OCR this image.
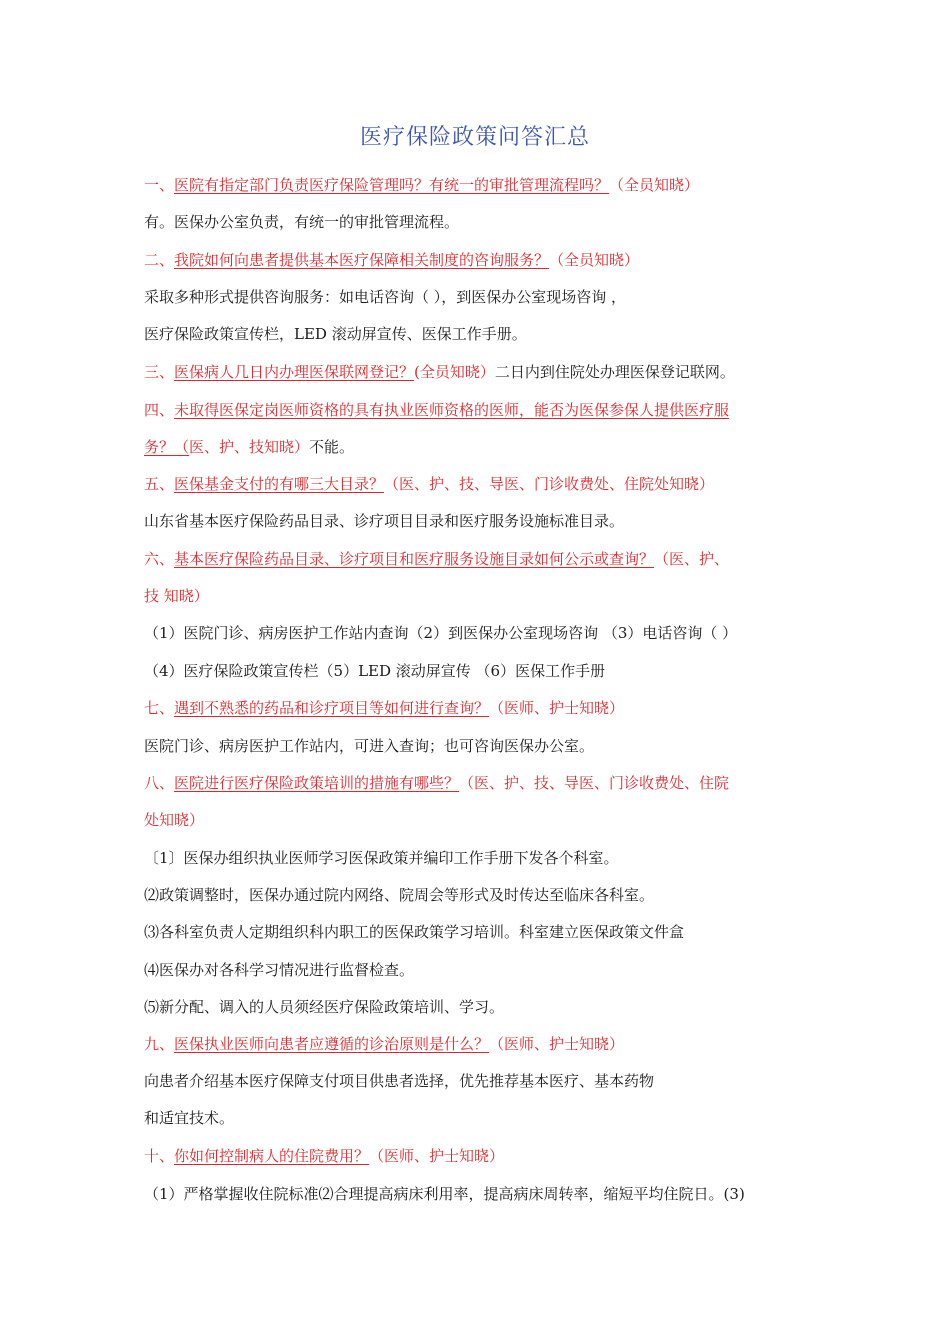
医疗保险政策问答汇总
一、医院有指定部门负责医疗保险管理吗？有统一的审批管理流程吗？（全员知晓）
有。医保办公室负责，有统一的审批管理流程。
二、我院如何向患者提供基本医疗保障相关制度的咨询服务？（全员知晓）
采取多种形式提供咨询服务：如电话咨询（ ），到医保办公室现场咨询 ，
医疗保险政策宣传栏，LED 滚动屏宣传、医保工作手册。
三、医保病人几日内办理医保联网登记？(全员知晓）二日内到住院处办理医保登记联网。
四、未取得医保定岗医师资格的具有执业医师资格的医师，能否为医保参保人提供医疗服
务？（医、护、技知晓）不能。
五、医保基金支付的有哪三大目录？（医、护、技、导医、门诊收费处、住院处知晓）
山东省基本医疗保险药品目录、诊疗项目目录和医疗服务设施标准目录。
六、基本医疗保险药品目录、诊疗项目和医疗服务设施目录如何公示或查询？（医、护、
技 知晓）
（1）医院门诊、病房医护工作站内查询（2）到医保办公室现场咨询 （3）电话咨询（ ）
（4）医疗保险政策宣传栏（5）LED 滚动屏宣传 （6）医保工作手册
七、遇到不熟悉的药品和诊疗项目等如何进行查询？（医师、护士知晓）
医院门诊、病房医护工作站内，可进入查询；也可咨询医保办公室。
八、医院进行医疗保险政策培训的措施有哪些？（医、护、技、导医、门诊收费处、住院
处知晓）
〔1〕医保办组织执业医师学习医保政策并编印工作手册下发各个科室。
⑵政策调整时，医保办通过院内网络、院周会等形式及时传达至临床各科室。
⑶各科室负责人定期组织科内职工的医保政策学习培训。科室建立医保政策文件盒
⑷医保办对各科学习情况进行监督检查。
⑸新分配、调入的人员须经医疗保险政策培训、学习。
九、医保执业医师向患者应遵循的诊治原则是什么？（医师、护士知晓）
向患者介绍基本医疗保障支付项目供患者选择，优先推荐基本医疗、基本药物
和适宜技术。
十、你如何控制病人的住院费用？（医师、护士知晓）
（1）严格掌握收住院标准⑵合理提高病床利用率，提高病床周转率，缩短平均住院日。(3)
